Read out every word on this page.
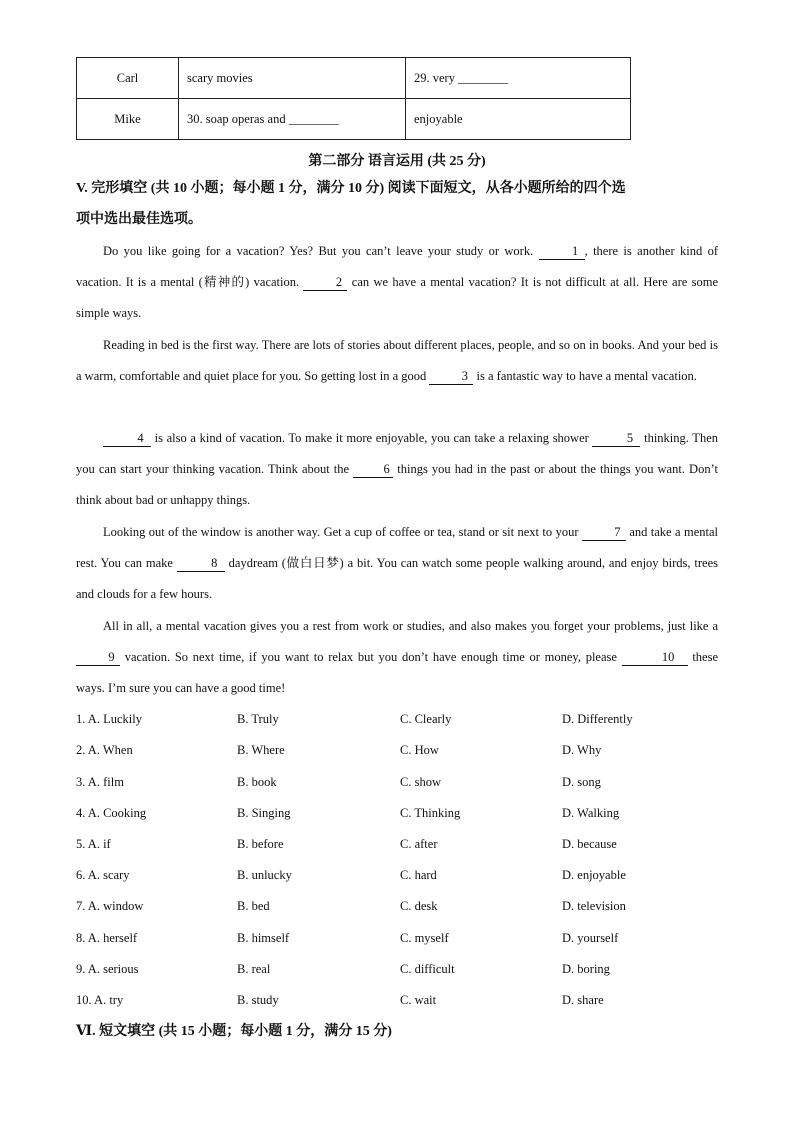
Carl	scary movies	29. very ________
Mike	30. soap operas and ________	enjoyable
第二部分 语言运用 (共 25 分)
V. 完形填空 (共 10 小题；每小题 1 分，满分 10 分) 阅读下面短文，从各小题所给的四个选
项中选出最佳选项。
Do you like going for a vacation? Yes? But you can’t leave your study or work.	1 , there is another kind of vacation. It is a mental (精神的) vacation.	2 can we have a mental vacation? It is not difficult at all. Here are some simple ways.
Reading in bed is the first way. There are lots of stories about different places, people, and so on in books. And your bed is a warm, comfortable and quiet place for you. So getting lost in a good	3 is a fantastic way to have a mental vacation.
4 is also a kind of vacation. To make it more enjoyable, you can take a relaxing shower	5 thinking. Then you can start your thinking vacation. Think about the 6 things you had in the past or about the things you want. Don’t think about bad or unhappy things.
Looking out of the window is another way. Get a cup of coffee or tea, stand or sit next to your	7 and take a mental rest. You can make	8 daydream (做白日梦) a bit. You can watch some people walking around, and enjoy birds, trees and clouds for a few hours.
All in all, a mental vacation gives you a rest from work or studies, and also makes you forget your problems, just like a 9 vacation. So next time, if you want to relax but you don’t have enough time or money, please	10 these ways. I’m sure you can have a good time!
1. A. Luckily	B. Truly	C. Clearly	D. Differently
2. A. When	B. Where	C. How	D. Why
3. A. film	B. book	C. show	D. song
4. A. Cooking	B. Singing	C. Thinking	D. Walking
5. A. if	B. before	C. after	D. because
6. A. scary	B. unlucky	C. hard	D. enjoyable
7. A. window	B. bed	C. desk	D. television
8. A. herself	B. himself	C. myself	D. yourself
9. A. serious	B. real	C. difficult	D. boring
10. A. try	B. study	C. wait	D. share
Ⅵ. 短文填空 (共 15 小题；每小题 1 分，满分 15 分)
